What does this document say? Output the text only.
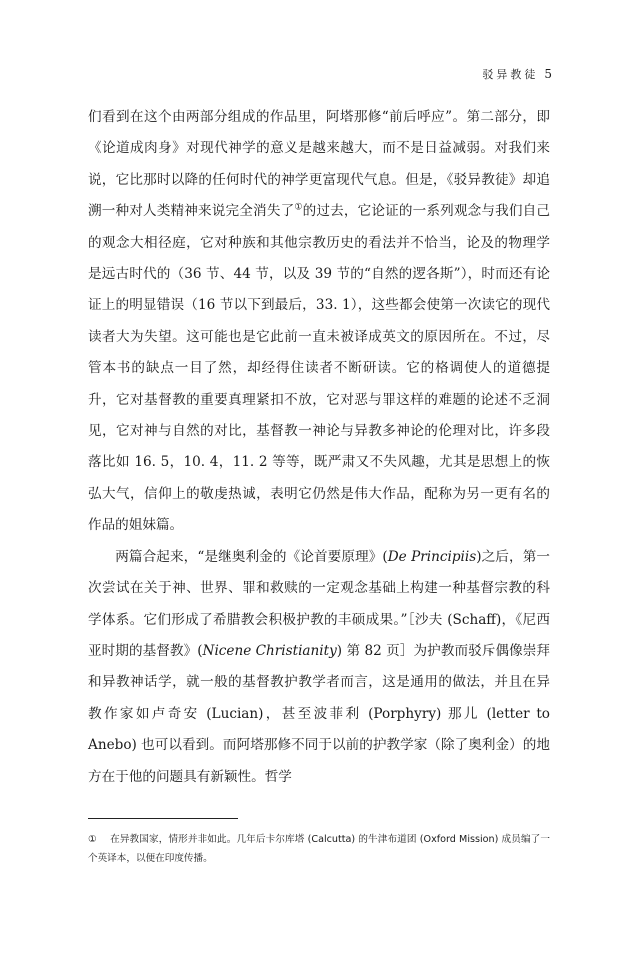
驳异教徒 5

们看到在这个由两部分组成的作品里，阿塔那修“前后呼应”。第二部分，即《论道成肉身》对现代神学的意义是越来越大，而不是日益减弱。对我们来说，它比那时以降的任何时代的神学更富现代气息。但是，《驳异教徒》却追溯一种对人类精神来说完全消失了①的过去，它论证的一系列观念与我们自己的观念大相径庭，它对种族和其他宗教历史的看法并不恰当，论及的物理学是远古时代的（36 节、44 节，以及 39 节的“自然的逻各斯”），时而还有论证上的明显错误（16 节以下到最后，33. 1），这些都会使第一次读它的现代读者大为失望。这可能也是它此前一直未被译成英文的原因所在。不过，尽管本书的缺点一目了然，却经得住读者不断研读。它的格调使人的道德提升，它对基督教的重要真理紧扣不放，它对恶与罪这样的难题的论述不乏洞见，它对神与自然的对比，基督教一神论与异教多神论的伦理对比，许多段落比如 16. 5，10. 4，11. 2 等等，既严肃又不失风趣，尤其是思想上的恢弘大气，信仰上的敬虔热诚，表明它仍然是伟大作品，配称为另一更有名的作品的姐妹篇。

两篇合起来，“是继奥利金的《论首要原理》(De Principiis)之后，第一次尝试在关于神、世界、罪和救赎的一定观念基础上构建一种基督宗教的科学体系。它们形成了希腊教会积极护教的丰硕成果。”［沙夫 (Schaff)，《尼西亚时期的基督教》(Nicene Christianity) 第 82 页］为护教而驳斥偶像崇拜和异教神话学，就一般的基督教护教学者而言，这是通用的做法，并且在异教作家如卢奇安 (Lucian)，甚至波菲利 (Porphyry) 那儿 (letter to Anebo) 也可以看到。而阿塔那修不同于以前的护教学家（除了奥利金）的地方在于他的问题具有新颖性。哲学

① 在异教国家，情形并非如此。几年后卡尔库塔 (Calcutta) 的牛津布道团 (Oxford Mission) 成员编了一个英译本，以便在印度传播。
